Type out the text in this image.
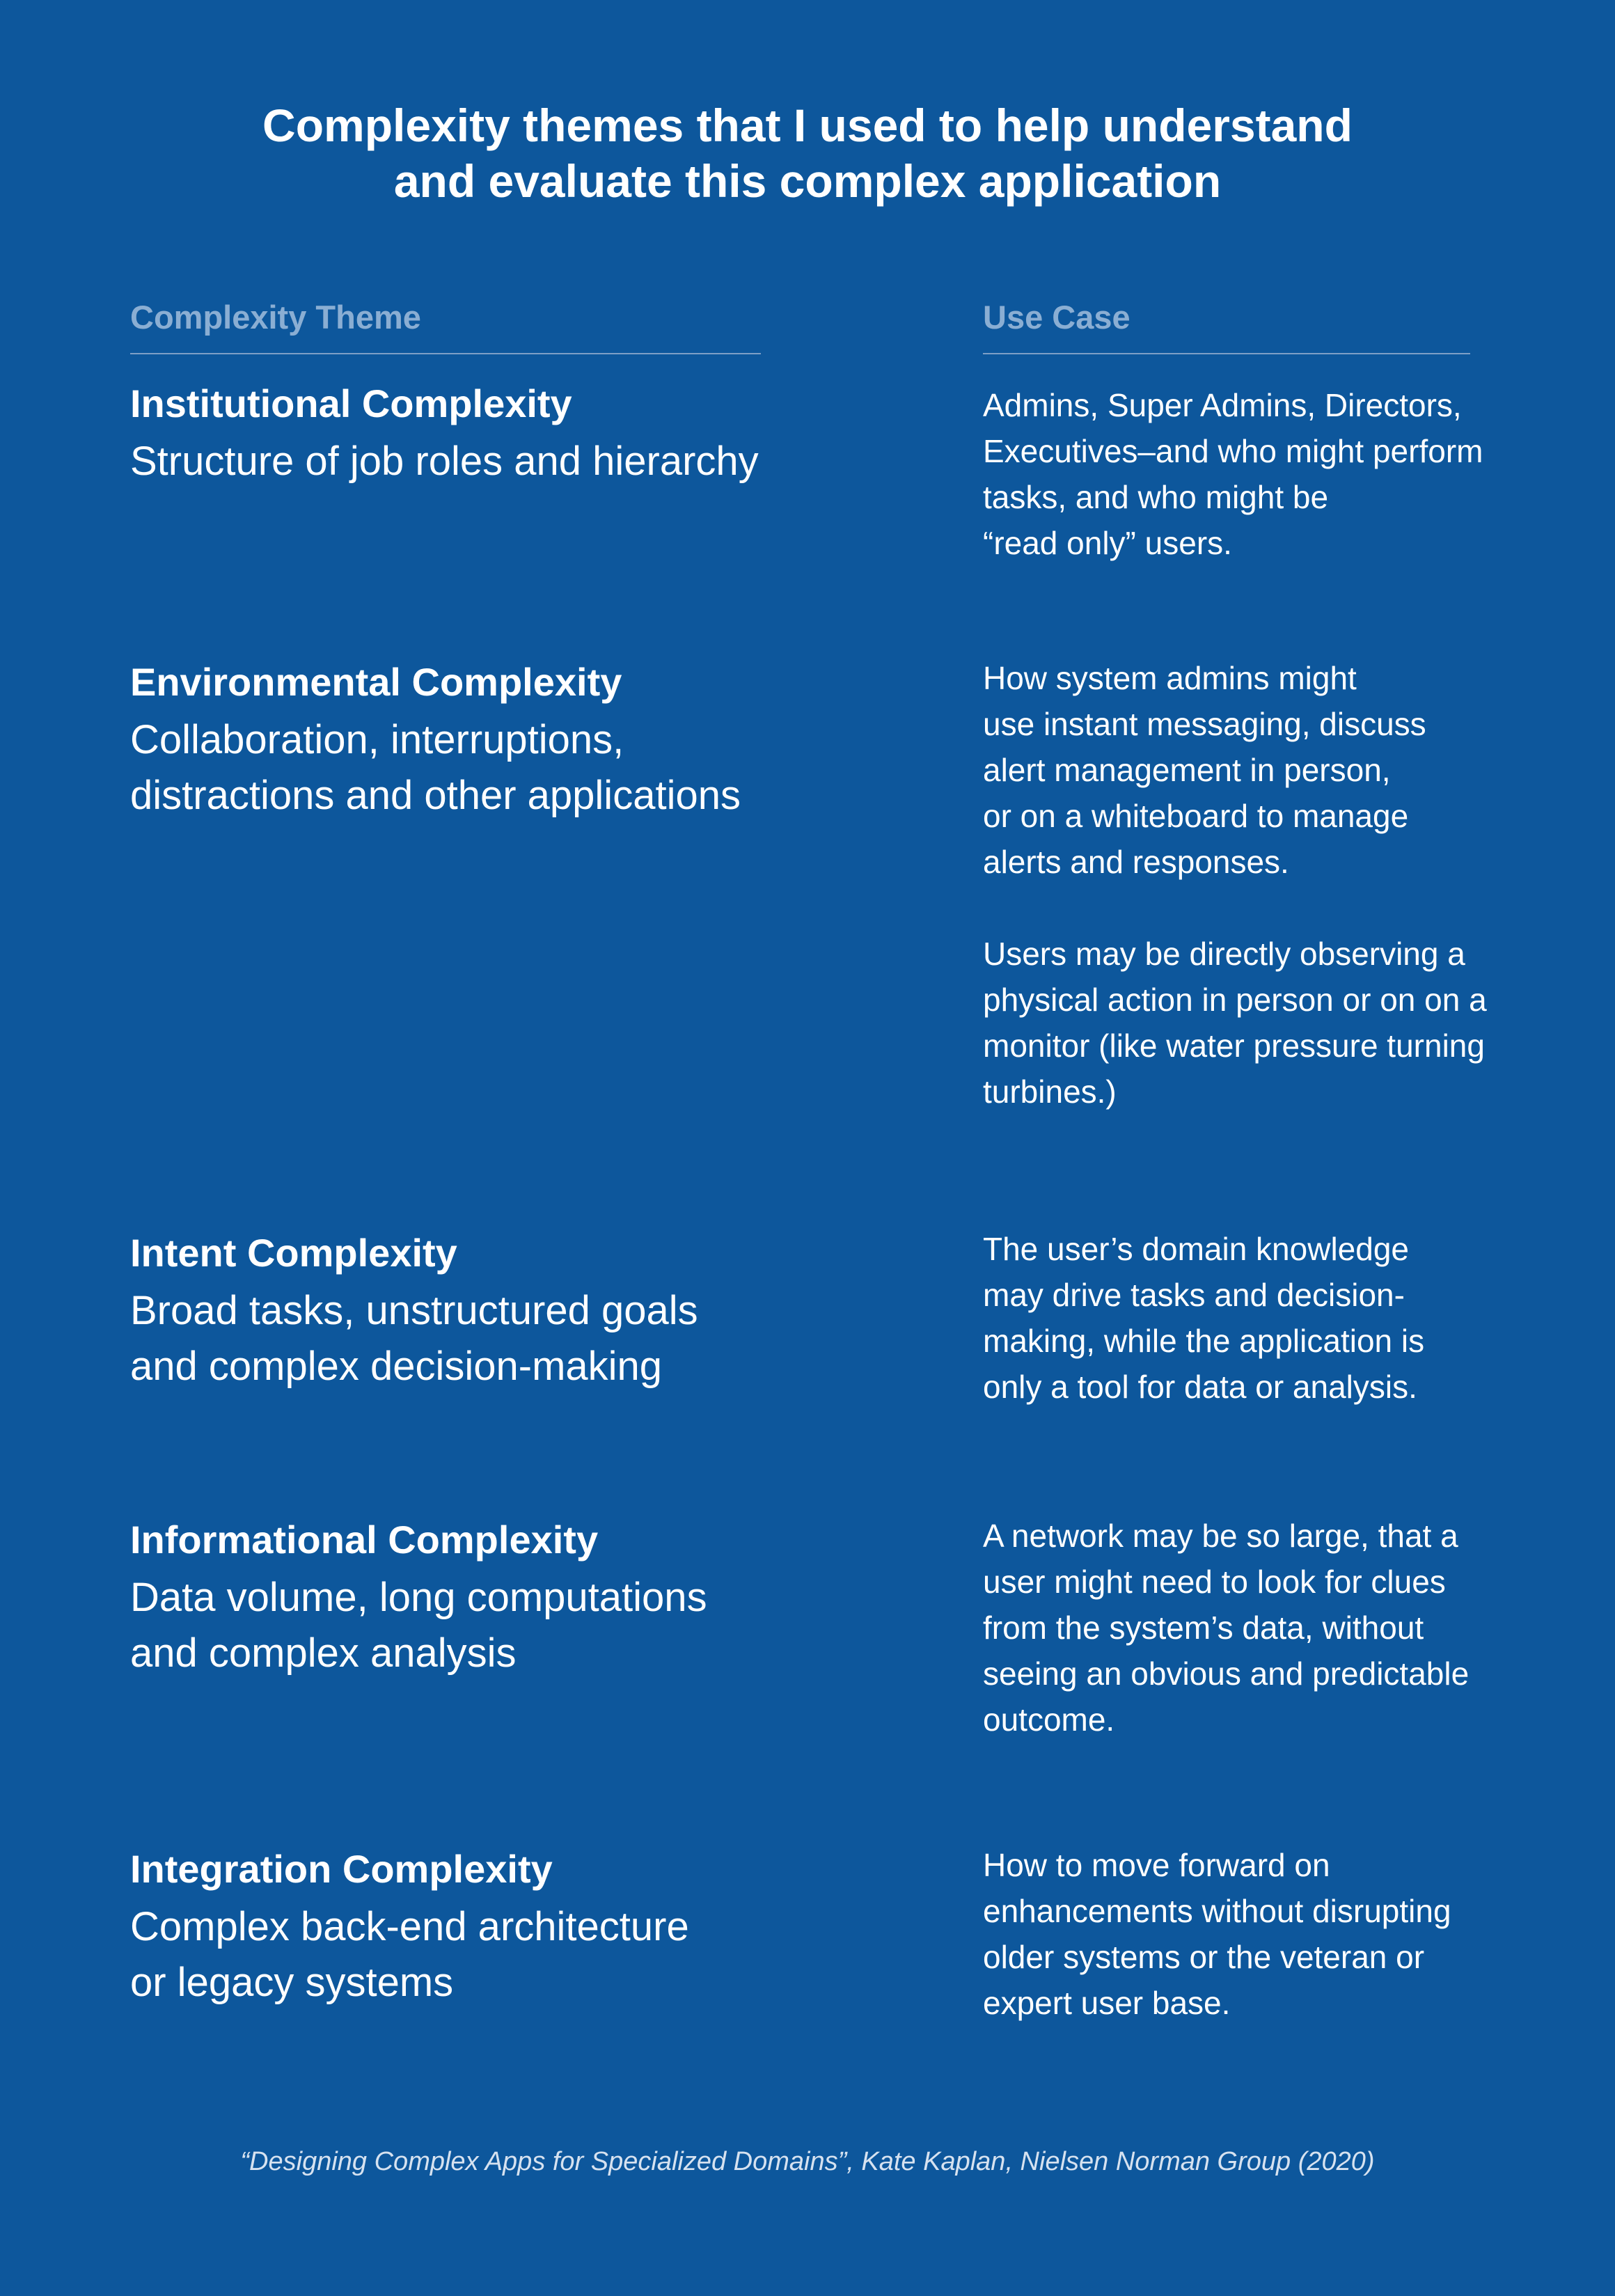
Complexity themes that I used to help understand
and evaluate this complex application

Complexity Theme	Use Case

Institutional Complexity

Structure of job roles and hierarchy

Admins, Super Admins, Directors,
Executives–and who might perform
tasks, and who might be
“read only” users.

Environmental Complexity

Collaboration, interruptions,
distractions and other applications

How system admins might
use instant messaging, discuss
alert management in person,
or on a whiteboard to manage
alerts and responses.

Users may be directly observing a
physical action in person or on on a
monitor (like water pressure turning
turbines.)

Intent Complexity

Broad tasks, unstructured goals
and complex decision-making

The user’s domain knowledge
may drive tasks and decision-
making, while the application is
only a tool for data or analysis.

Informational Complexity

Data volume, long computations
and complex analysis

A network may be so large, that a
user might need to look for clues
from the system’s data, without
seeing an obvious and predictable
outcome.

Integration Complexity

Complex back-end architecture
or legacy systems

How to move forward on
enhancements without disrupting
older systems or the veteran or
expert user base.

“Designing Complex Apps for Specialized Domains”, Kate Kaplan, Nielsen Norman Group (2020)
